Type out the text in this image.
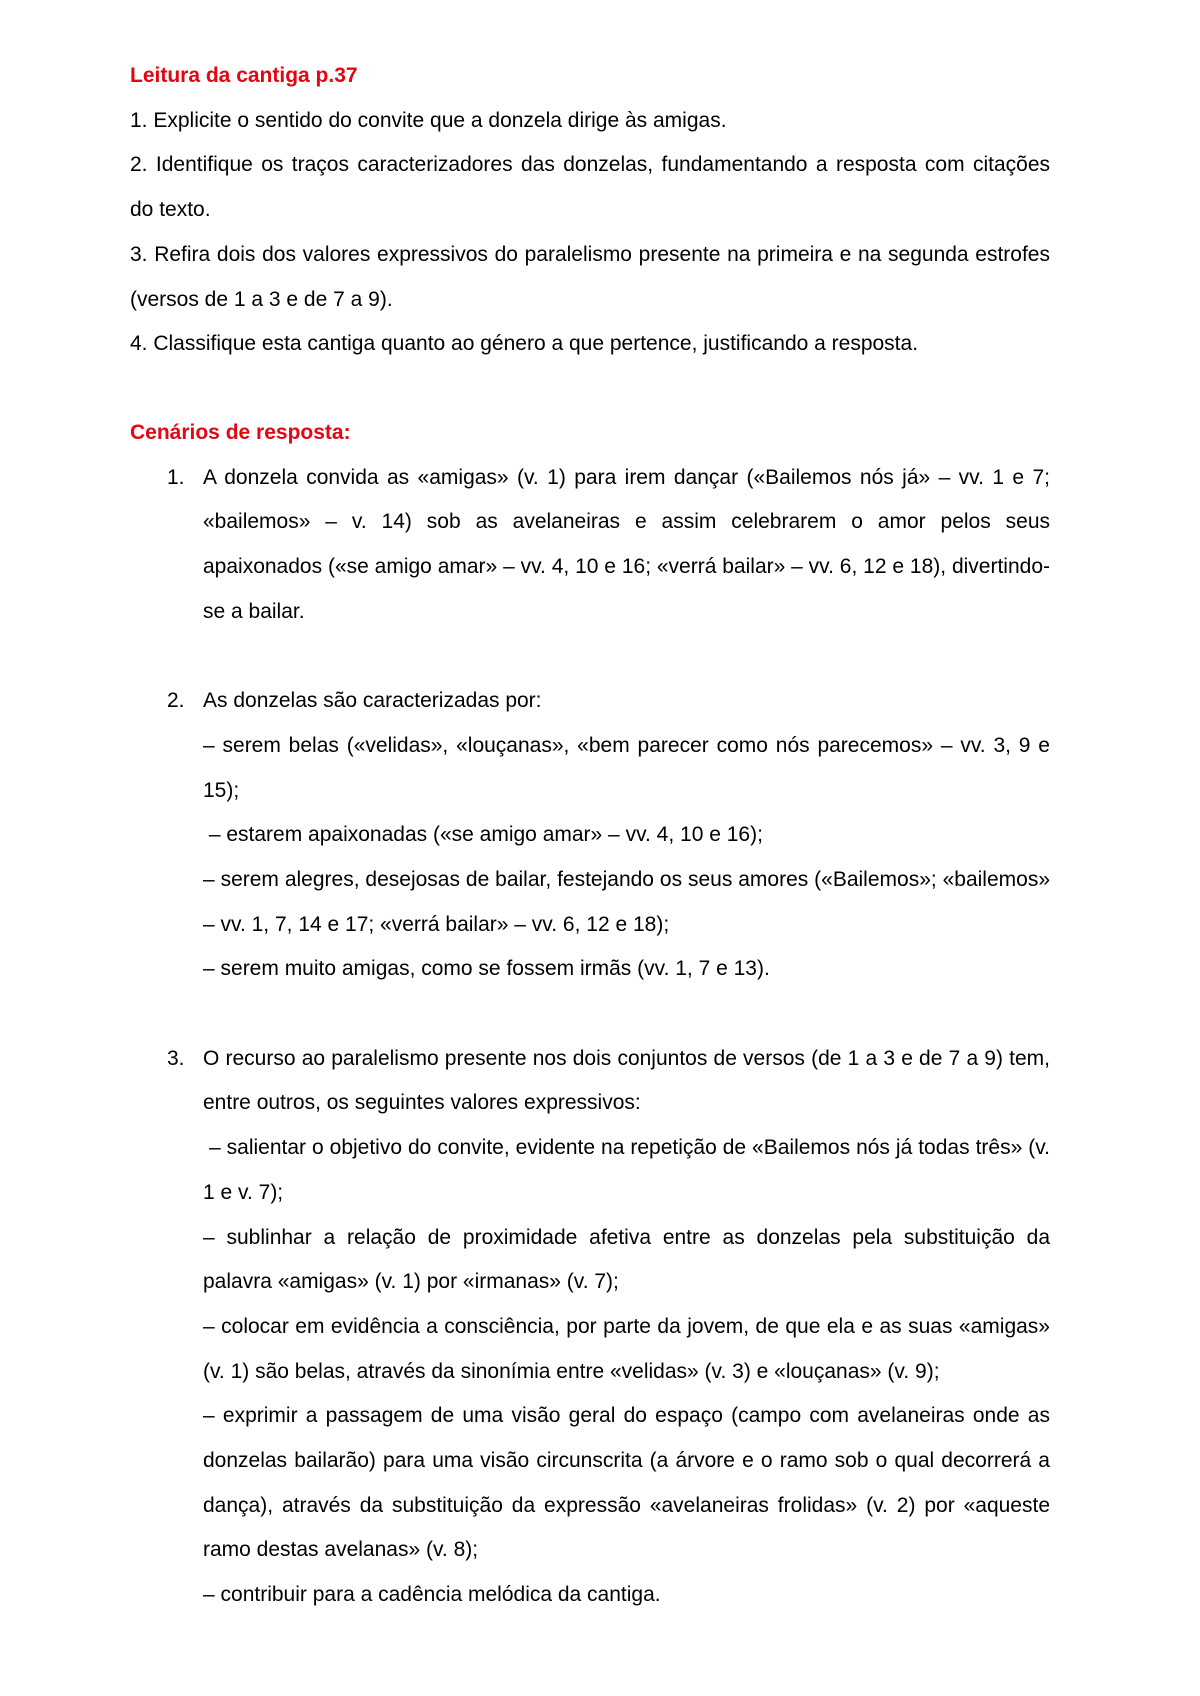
Leitura da cantiga p.37

1. Explicite o sentido do convite que a donzela dirige às amigas.

2. Identifique os traços caracterizadores das donzelas, fundamentando a resposta com citações do texto.

3. Refira dois dos valores expressivos do paralelismo presente na primeira e na segunda estrofes (versos de 1 a 3 e de 7 a 9).

4. Classifique esta cantiga quanto ao género a que pertence, justificando a resposta.

Cenários de resposta:
1. A donzela convida as «amigas» (v. 1) para irem dançar («Bailemos nós já» – vv. 1 e 7; «bailemos» – v. 14) sob as avelaneiras e assim celebrarem o amor pelos seus apaixonados («se amigo amar» – vv. 4, 10 e 16; «verrá bailar» – vv. 6, 12 e 18), divertindo-se a bailar.
2. As donzelas são caracterizadas por:
– serem belas («velidas», «louçanas», «bem parecer como nós parecemos» – vv. 3, 9 e 15);
– estarem apaixonadas («se amigo amar» – vv. 4, 10 e 16);
– serem alegres, desejosas de bailar, festejando os seus amores («Bailemos»; «bailemos» – vv. 1, 7, 14 e 17; «verrá bailar» – vv. 6, 12 e 18);
– serem muito amigas, como se fossem irmãs (vv. 1, 7 e 13).
3. O recurso ao paralelismo presente nos dois conjuntos de versos (de 1 a 3 e de 7 a 9) tem, entre outros, os seguintes valores expressivos:
– salientar o objetivo do convite, evidente na repetição de «Bailemos nós já todas três» (v. 1 e v. 7);
– sublinhar a relação de proximidade afetiva entre as donzelas pela substituição da palavra «amigas» (v. 1) por «irmanas» (v. 7);
– colocar em evidência a consciência, por parte da jovem, de que ela e as suas «amigas» (v. 1) são belas, através da sinonímia entre «velidas» (v. 3) e «louçanas» (v. 9);
– exprimir a passagem de uma visão geral do espaço (campo com avelaneiras onde as donzelas bailarão) para uma visão circunscrita (a árvore e o ramo sob o qual decorrerá a dança), através da substituição da expressão «avelaneiras frolidas» (v. 2) por «aqueste ramo destas avelanas» (v. 8);
– contribuir para a cadência melódica da cantiga.
